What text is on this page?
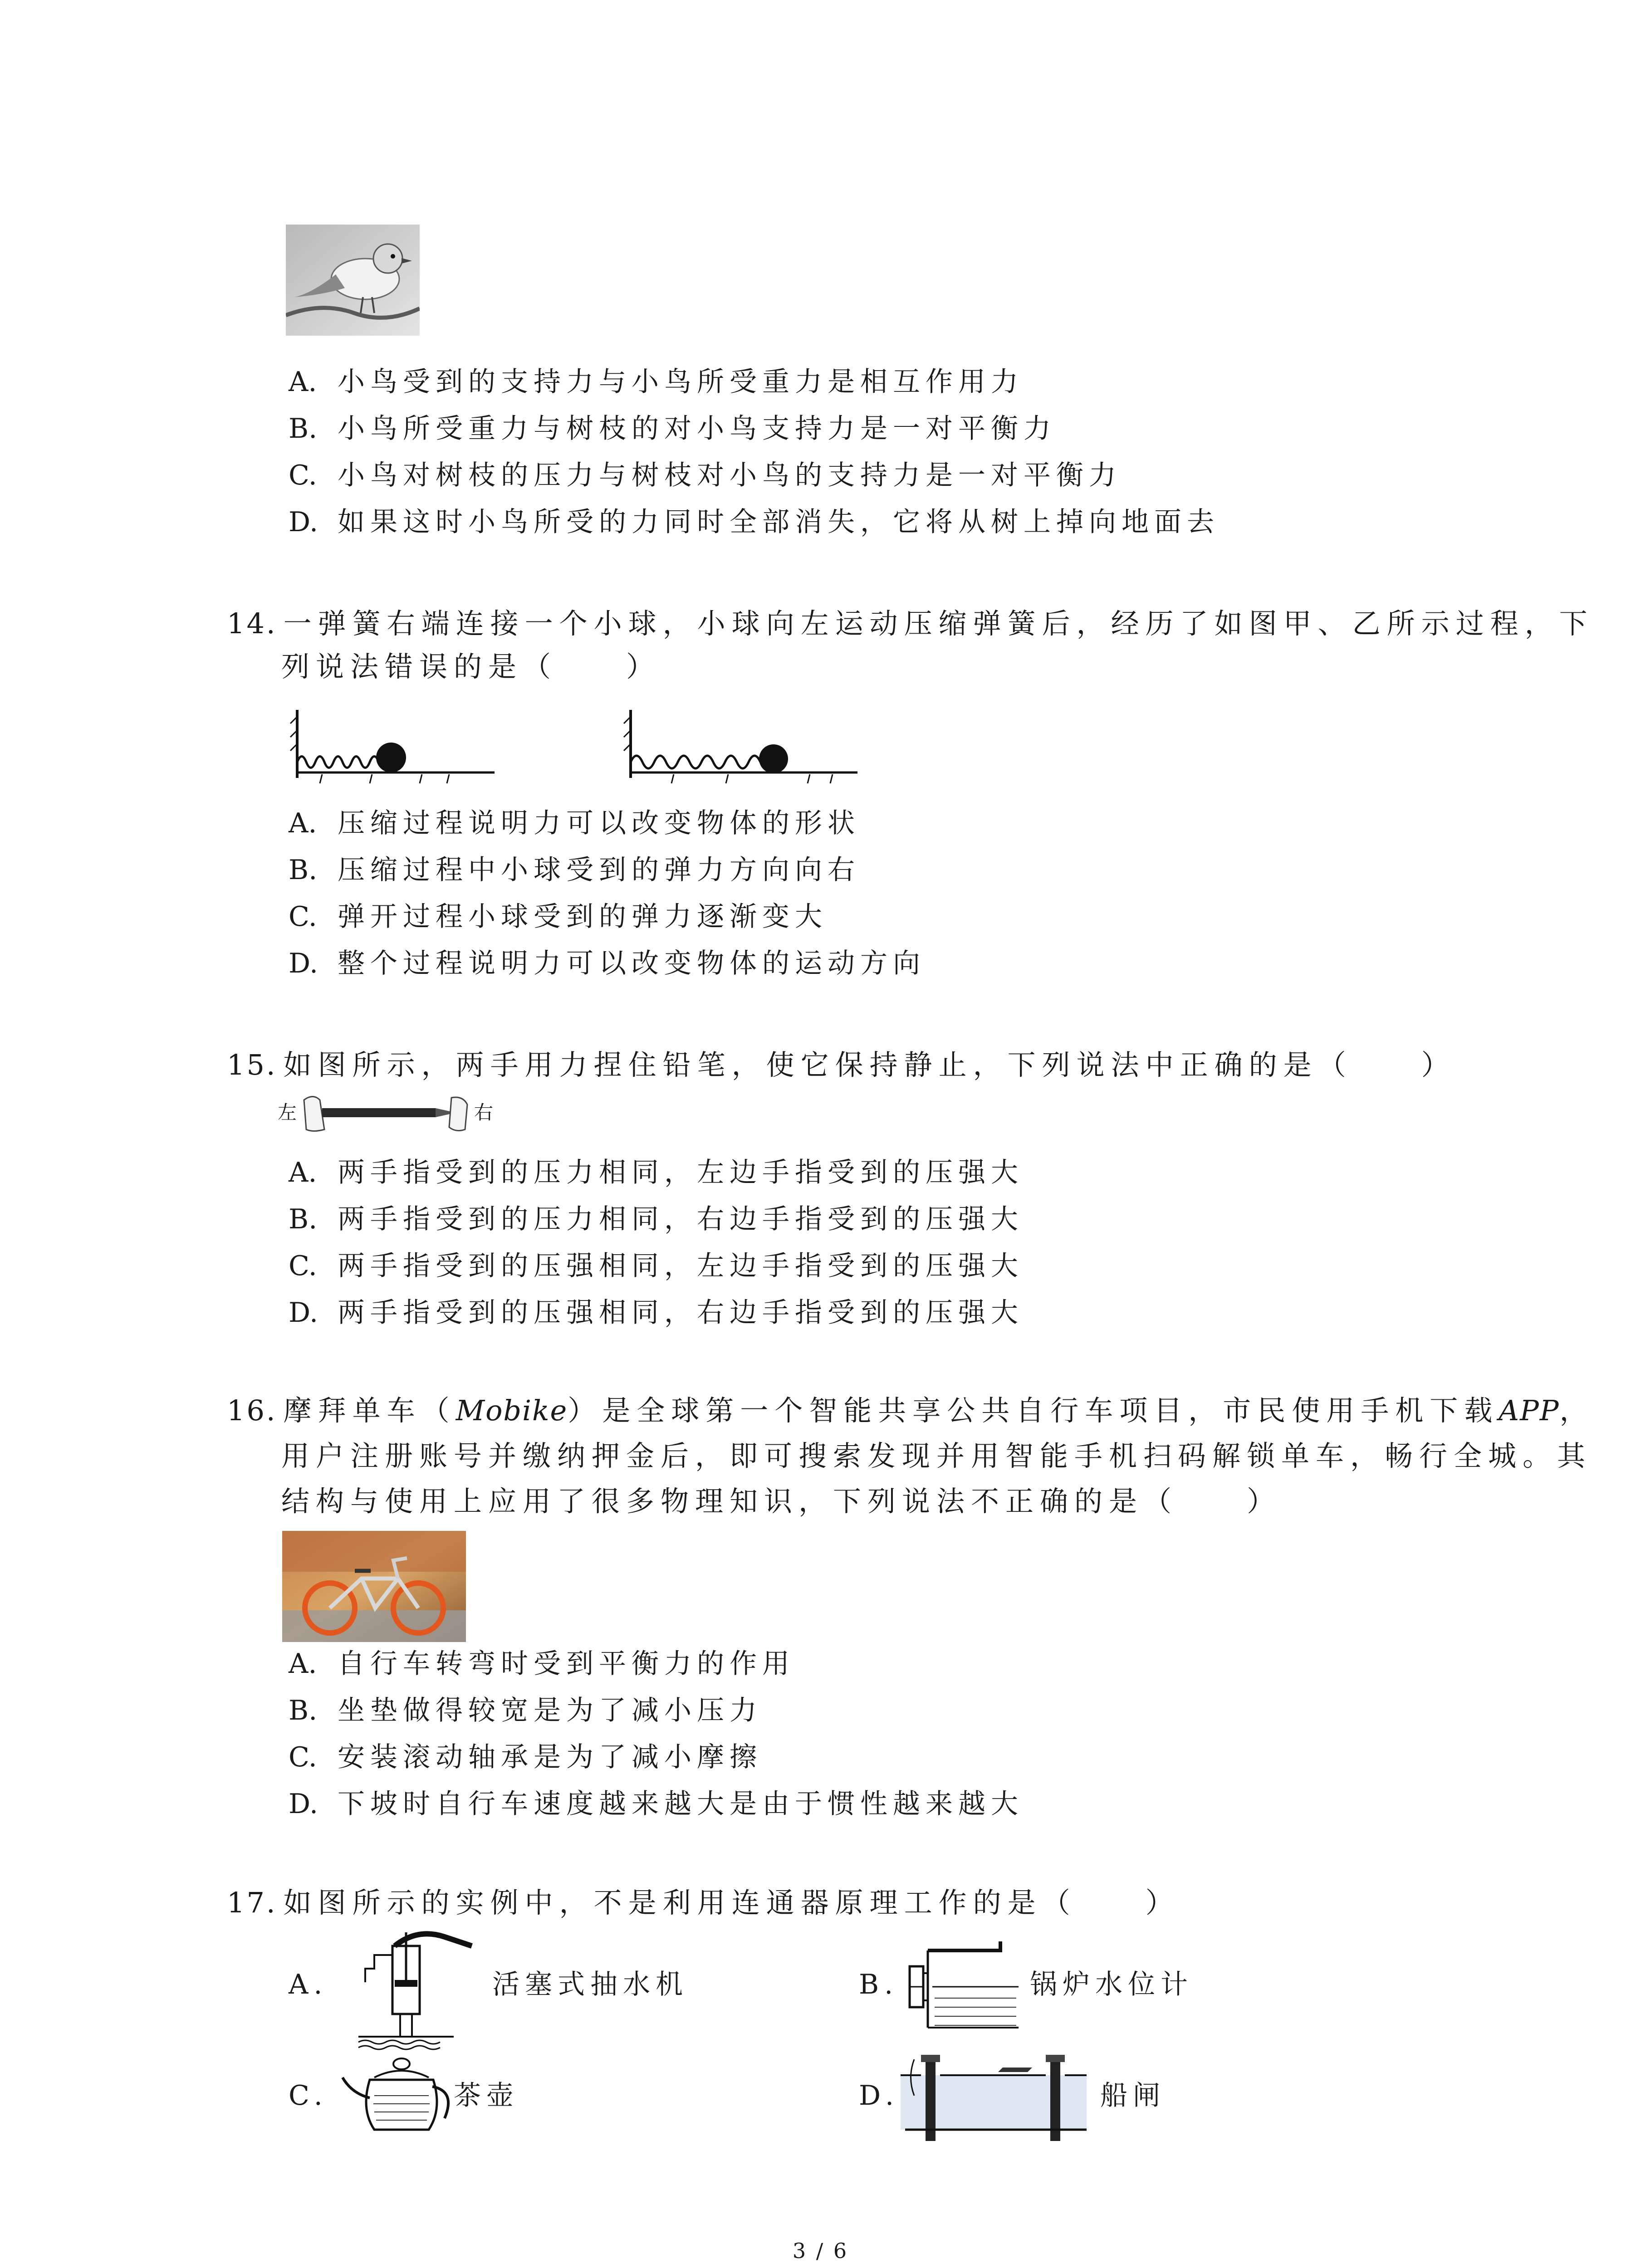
A. 小鸟受到的支持力与小鸟所受重力是相互作用力
B. 小鸟所受重力与树枝的对小鸟支持力是一对平衡力
C. 小鸟对树枝的压力与树枝对小鸟的支持力是一对平衡力
D. 如果这时小鸟所受的力同时全部消失，它将从树上掉向地面去
14. 一弹簧右端连接一个小球，小球向左运动压缩弹簧后，经历了如图甲、乙所示过程，下
列说法错误的是（　　）
A. 压缩过程说明力可以改变物体的形状
B. 压缩过程中小球受到的弹力方向向右
C. 弹开过程小球受到的弹力逐渐变大
D. 整个过程说明力可以改变物体的运动方向
15. 如图所示，两手用力捏住铅笔，使它保持静止，下列说法中正确的是（　　）
左	右
A. 两手指受到的压力相同，左边手指受到的压强大
B. 两手指受到的压力相同，右边手指受到的压强大
C. 两手指受到的压强相同，左边手指受到的压强大
D. 两手指受到的压强相同，右边手指受到的压强大
16. 摩拜单车（Mobike）是全球第一个智能共享公共自行车项目，市民使用手机下载APP，
用户注册账号并缴纳押金后，即可搜索发现并用智能手机扫码解锁单车，畅行全城。其
结构与使用上应用了很多物理知识，下列说法不正确的是（　　）
A. 自行车转弯时受到平衡力的作用
B. 坐垫做得较宽是为了减小压力
C. 安装滚动轴承是为了减小摩擦
D. 下坡时自行车速度越来越大是由于惯性越来越大
17. 如图所示的实例中，不是利用连通器原理工作的是（　　）
A.	活塞式抽水机	B.	锅炉水位计
C.	茶壶	D.	船闸
3 / 6
